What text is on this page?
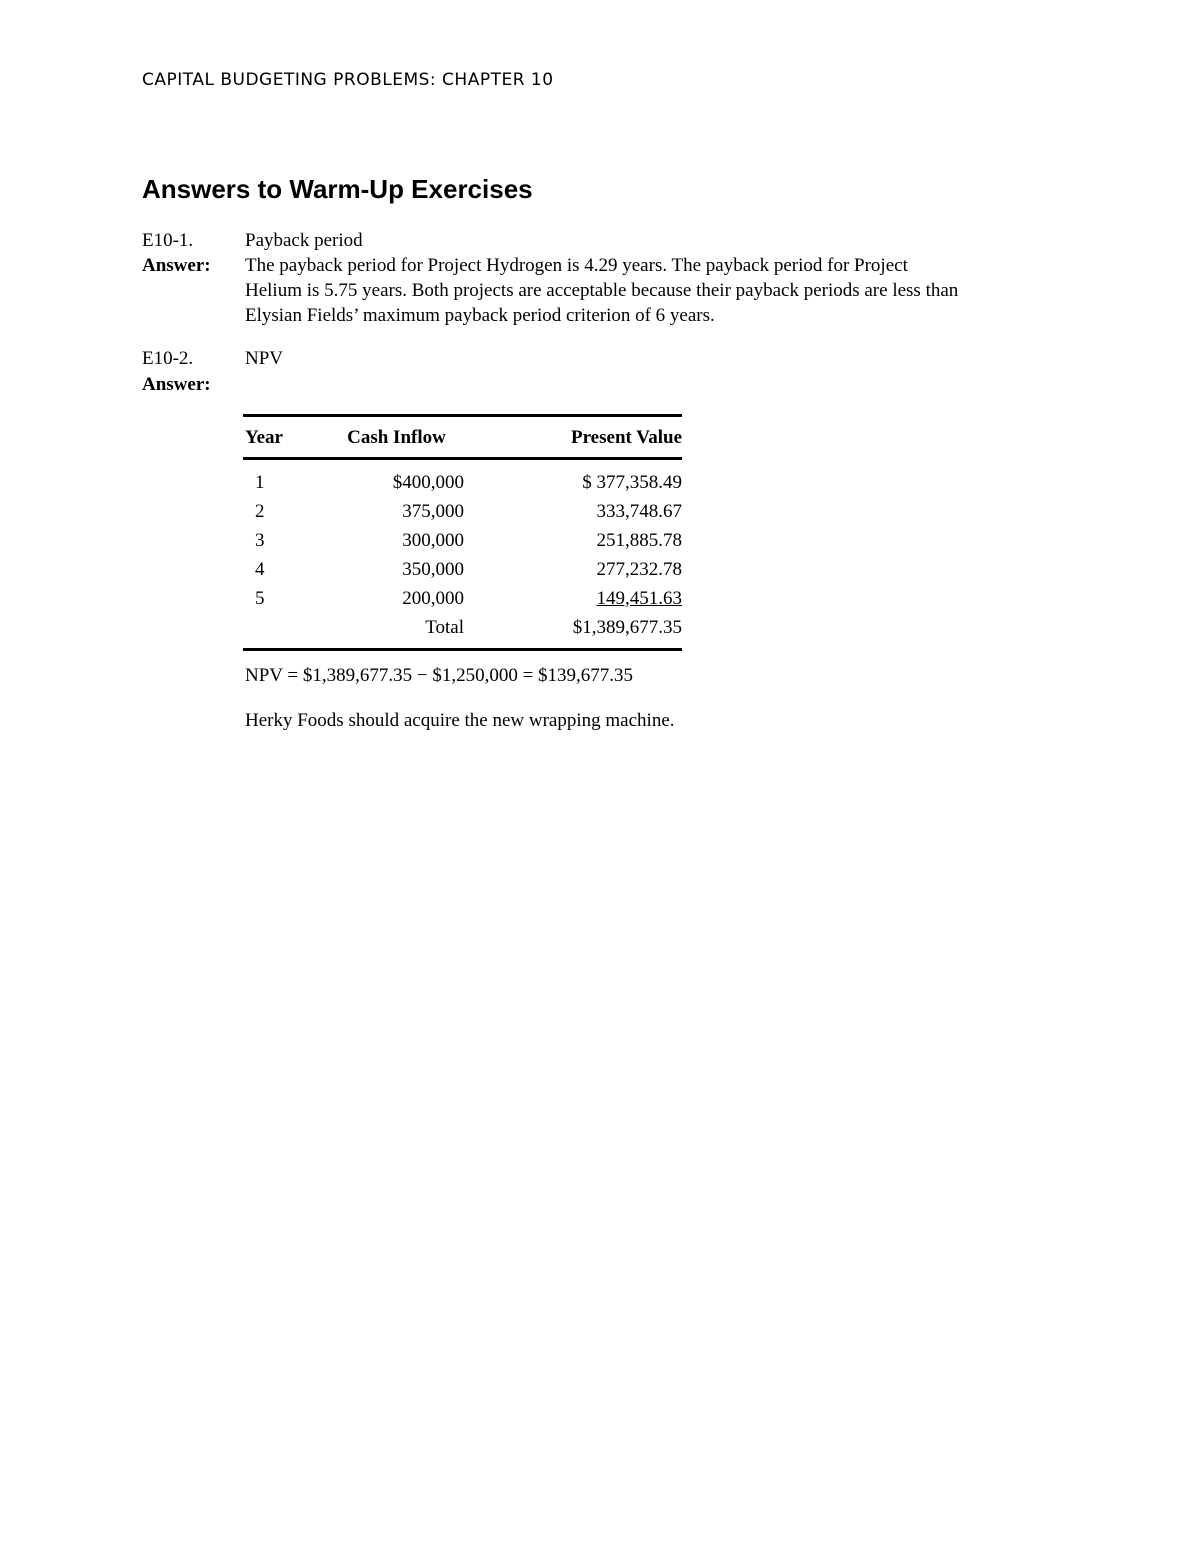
CAPITAL BUDGETING PROBLEMS: CHAPTER 10
Answers to Warm-Up Exercises
E10-1.	Payback period
Answer:	The payback period for Project Hydrogen is 4.29 years. The payback period for Project
Helium is 5.75 years. Both projects are acceptable because their payback periods are less than
Elysian Fields’ maximum payback period criterion of 6 years.
E10-2.	NPV
Answer:
Year	Cash Inflow	Present Value
1	$400,000	$ 377,358.49
2	375,000	333,748.67
3	300,000	251,885.78
4	350,000	277,232.78
5	200,000	149,451.63
	Total	$1,389,677.35
NPV = $1,389,677.35 − $1,250,000 = $139,677.35
Herky Foods should acquire the new wrapping machine.
